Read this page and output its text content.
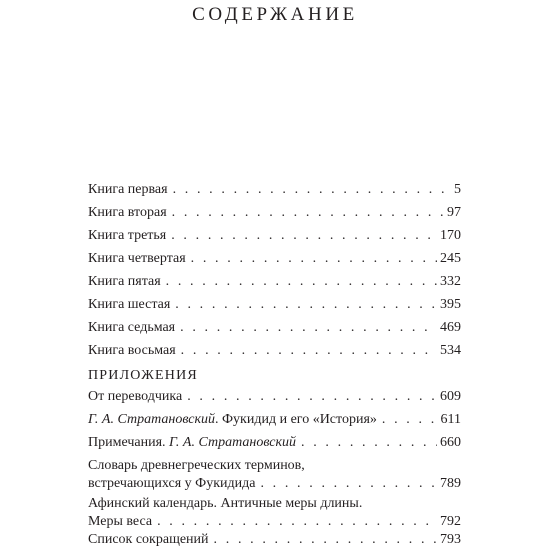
СОДЕРЖАНИЕ
Книга первая . . .	5
Книга вторая . . .	97
Книга третья . . .	170
Книга четвертая . . .	245
Книга пятая . . .	332
Книга шестая . . .	395
Книга седьмая . . .	469
Книга восьмая . . .	534
ПРИЛОЖЕНИЯ
От переводчика . . .	609
Г. А. Стратановский. Фукидид и его «История» . . .	611
Примечания. Г. А. Стратановский . . .	660
Словарь древнегреческих терминов,
встречающихся у Фукидида . . .	789
Афинский календарь. Античные меры длины.
Меры веса . . .	792
Список сокращений . . .	793
